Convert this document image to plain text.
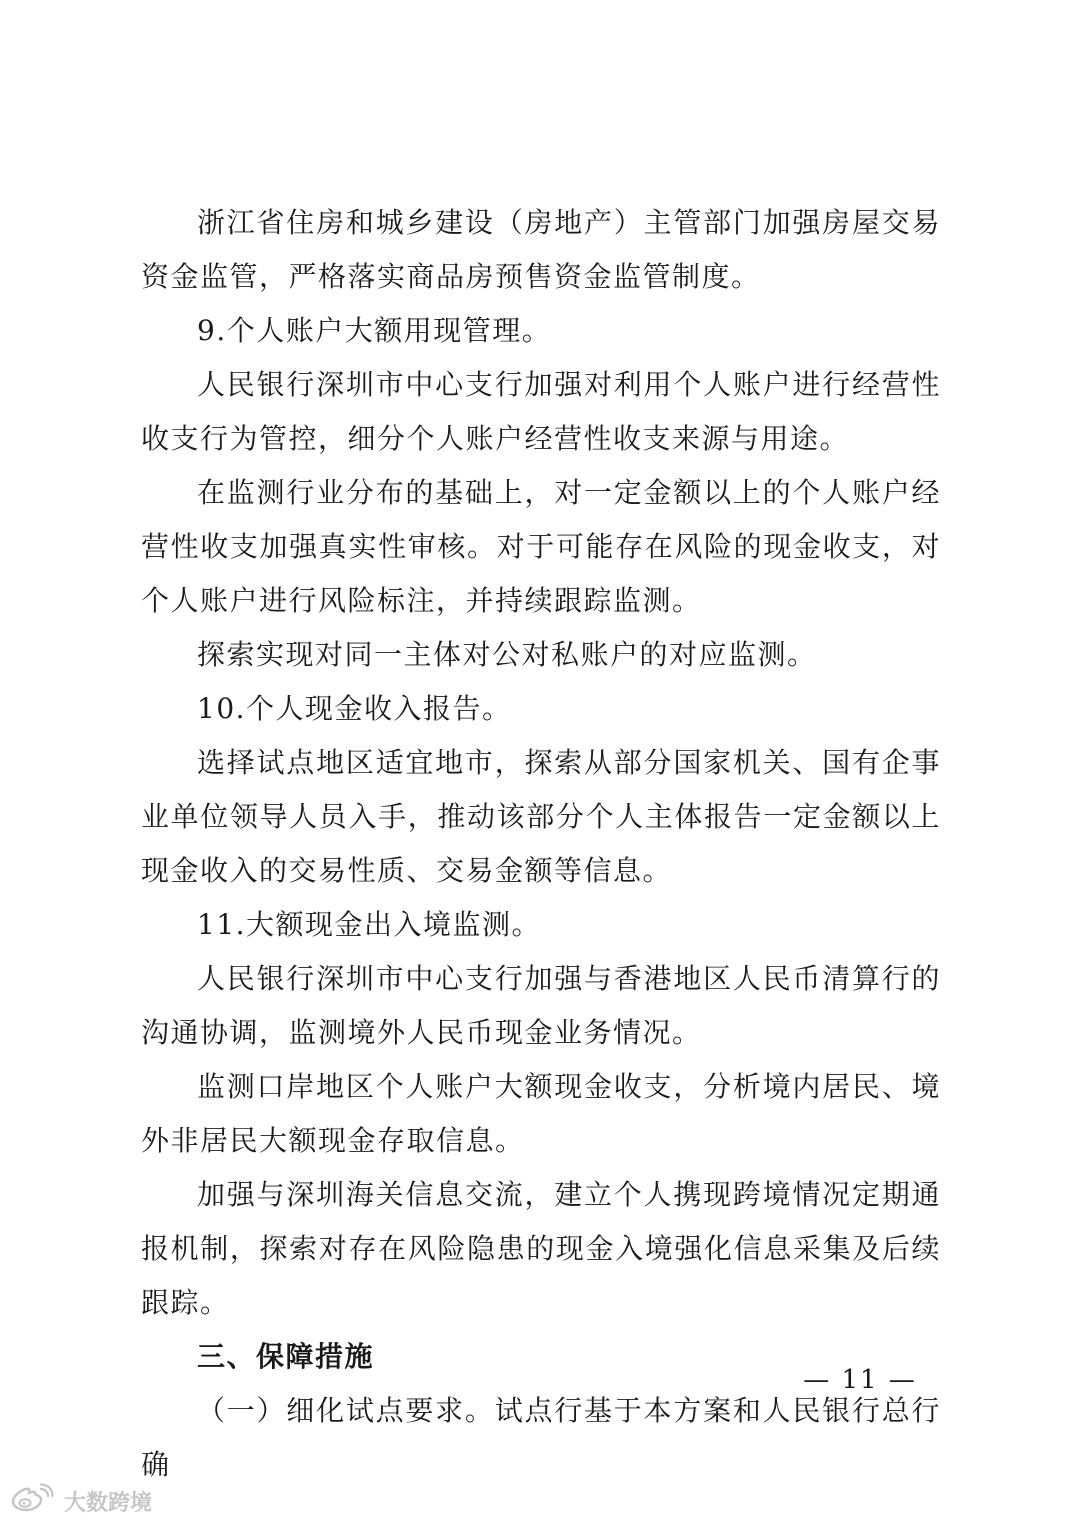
浙江省住房和城乡建设（房地产）主管部门加强房屋交易资金监管，严格落实商品房预售资金监管制度。

9.个人账户大额用现管理。

人民银行深圳市中心支行加强对利用个人账户进行经营性收支行为管控，细分个人账户经营性收支来源与用途。

在监测行业分布的基础上，对一定金额以上的个人账户经营性收支加强真实性审核。对于可能存在风险的现金收支，对个人账户进行风险标注，并持续跟踪监测。

探索实现对同一主体对公对私账户的对应监测。

10.个人现金收入报告。

选择试点地区适宜地市，探索从部分国家机关、国有企事业单位领导人员入手，推动该部分个人主体报告一定金额以上现金收入的交易性质、交易金额等信息。

11.大额现金出入境监测。

人民银行深圳市中心支行加强与香港地区人民币清算行的沟通协调，监测境外人民币现金业务情况。

监测口岸地区个人账户大额现金收支，分析境内居民、境外非居民大额现金存取信息。

加强与深圳海关信息交流，建立个人携现跨境情况定期通报机制，探索对存在风险隐患的现金入境强化信息采集及后续跟踪。

三、保障措施

（一）细化试点要求。试点行基于本方案和人民银行总行确

— 11 —
大数跨境
